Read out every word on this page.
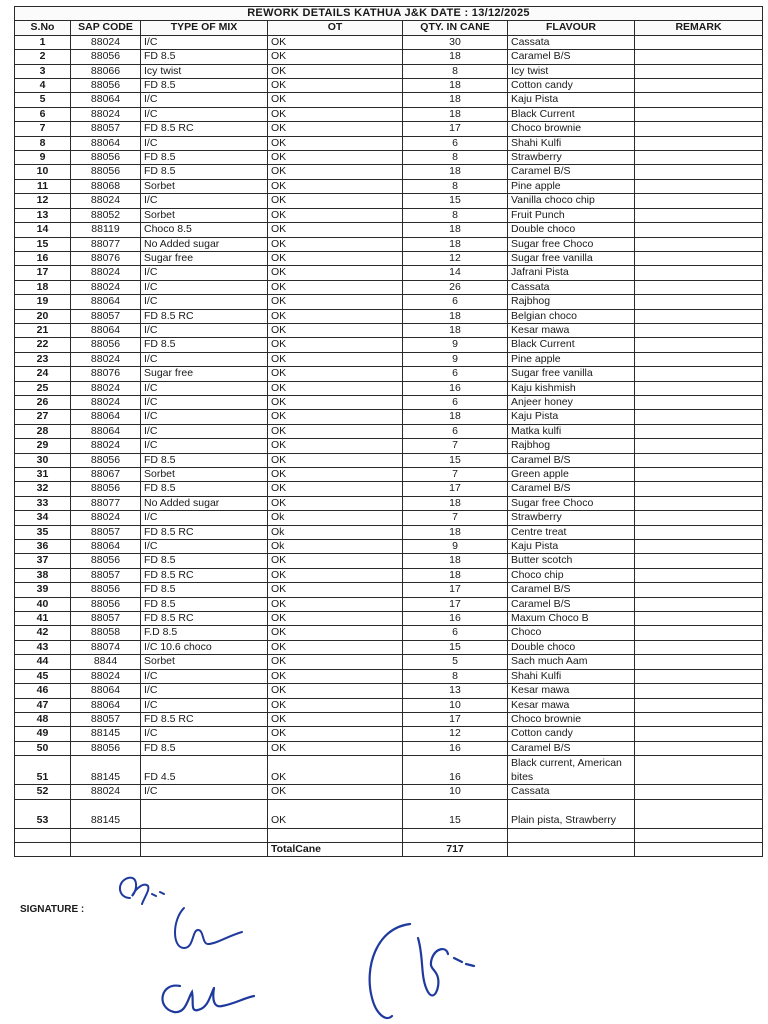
REWORK DETAILS KATHUA J&K DATE : 13/12/2025						
S.No	SAP CODE	TYPE OF MIX	OT	QTY. IN CANE	FLAVOUR	REMARK
1	88024	I/C	OK	30	Cassata	
2	88056	FD 8.5	OK	18	Caramel B/S	
3	88066	Icy twist	OK	8	Icy twist	
4	88056	FD 8.5	OK	18	Cotton candy	
5	88064	I/C	OK	18	Kaju Pista	
6	88024	I/C	OK	18	Black Current	
7	88057	FD 8.5 RC	OK	17	Choco brownie	
8	88064	I/C	OK	6	Shahi Kulfi	
9	88056	FD 8.5	OK	8	Strawberry	
10	88056	FD 8.5	OK	18	Caramel B/S	
11	88068	Sorbet	OK	8	Pine apple	
12	88024	I/C	OK	15	Vanilla choco chip	
13	88052	Sorbet	OK	8	Fruit Punch	
14	88119	Choco 8.5	OK	18	Double choco	
15	88077	No Added sugar	OK	18	Sugar free Choco	
16	88076	Sugar free	OK	12	Sugar free vanilla	
17	88024	I/C	OK	14	Jafrani Pista	
18	88024	I/C	OK	26	Cassata	
19	88064	I/C	OK	6	Rajbhog	
20	88057	FD 8.5 RC	OK	18	Belgian choco	
21	88064	I/C	OK	18	Kesar mawa	
22	88056	FD 8.5	OK	9	Black Current	
23	88024	I/C	OK	9	Pine apple	
24	88076	Sugar free	OK	6	Sugar free vanilla	
25	88024	I/C	OK	16	Kaju kishmish	
26	88024	I/C	OK	6	Anjeer honey	
27	88064	I/C	OK	18	Kaju Pista	
28	88064	I/C	OK	6	Matka kulfi	
29	88024	I/C	OK	7	Rajbhog	
30	88056	FD 8.5	OK	15	Caramel B/S	
31	88067	Sorbet	OK	7	Green apple	
32	88056	FD 8.5	OK	17	Caramel B/S	
33	88077	No Added sugar	OK	18	Sugar free Choco	
34	88024	I/C	Ok	7	Strawberry	
35	88057	FD 8.5 RC	Ok	18	Centre treat	
36	88064	I/C	Ok	9	Kaju Pista	
37	88056	FD 8.5	OK	18	Butter scotch	
38	88057	FD 8.5 RC	OK	18	Choco chip	
39	88056	FD 8.5	OK	17	Caramel B/S	
40	88056	FD 8.5	OK	17	Caramel B/S	
41	88057	FD 8.5 RC	OK	16	Maxum Choco B	
42	88058	F.D 8.5	OK	6	Choco	
43	88074	I/C 10.6 choco	OK	15	Double choco	
44	8844	Sorbet	OK	5	Sach much Aam	
45	88024	I/C	OK	8	Shahi Kulfi	
46	88064	I/C	OK	13	Kesar mawa	
47	88064	I/C	OK	10	Kesar mawa	
48	88057	FD 8.5 RC	OK	17	Choco brownie	
49	88145	I/C	OK	12	Cotton candy	
50	88056	FD 8.5	OK	16	Caramel B/S	
51	88145	FD 4.5	OK	16	Black current, American bites	
52	88024	I/C	OK	10	Cassata	
53	88145		OK	15	Plain pista, Strawberry	

			TotalCane	717		
SIGNATURE :
